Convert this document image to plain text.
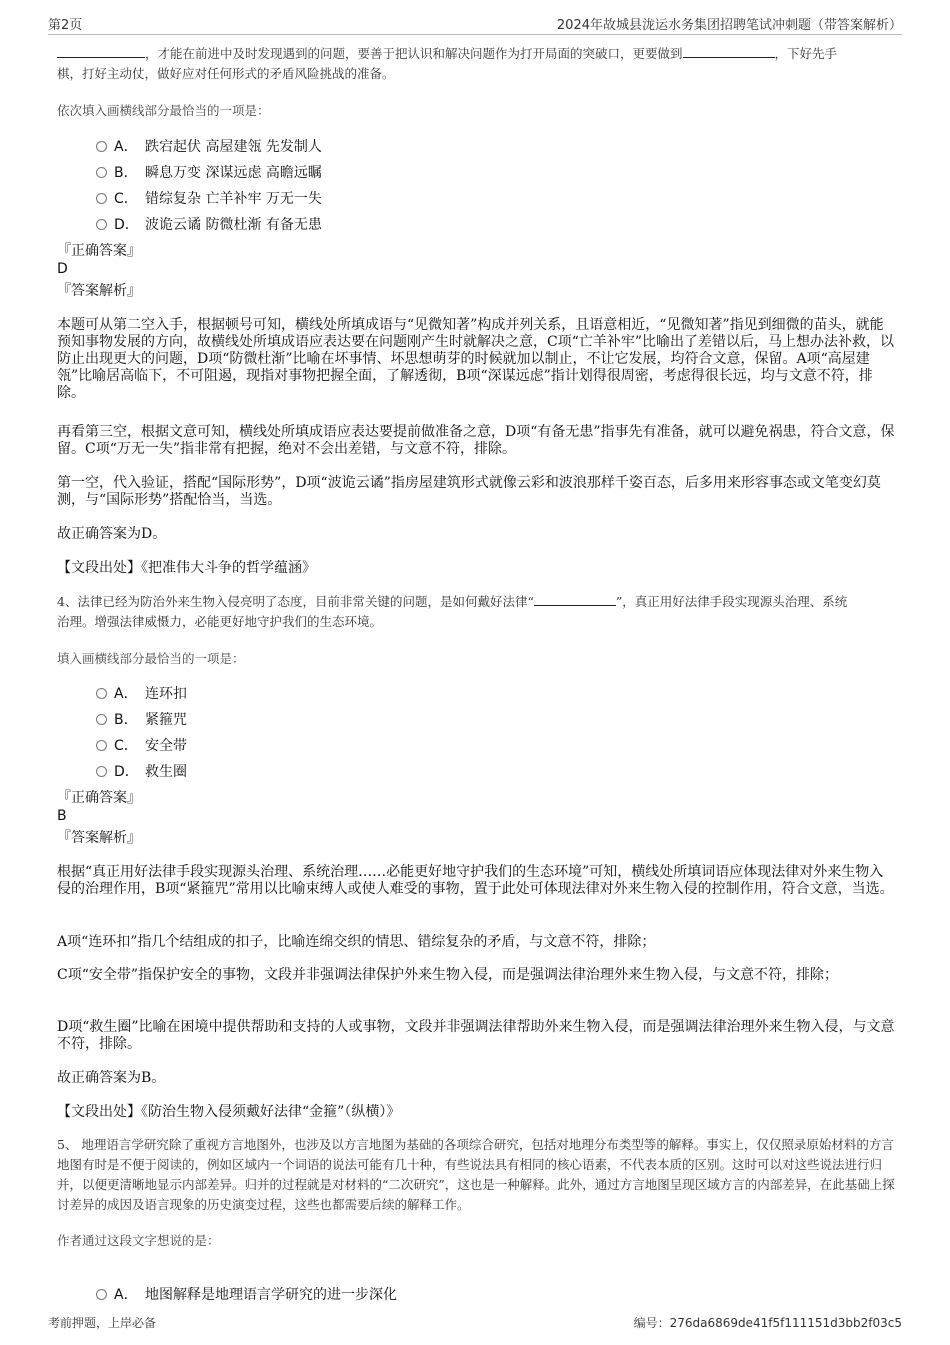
第2页	2024年故城县泷运水务集团招聘笔试冲刺题（带答案解析）
，才能在前进中及时发现遇到的问题，要善于把认识和解决问题作为打开局面的突破口，更要做到	，下好先手
棋，打好主动仗，做好应对任何形式的矛盾风险挑战的准备。
依次填入画横线部分最恰当的一项是：
A． 跌宕起伏 高屋建瓴 先发制人
B． 瞬息万变 深谋远虑 高瞻远瞩
C． 错综复杂 亡羊补牢 万无一失
D． 波诡云谲 防微杜渐 有备无患
『正确答案』
D
『答案解析』
本题可从第二空入手，根据顿号可知，横线处所填成语与“见微知著”构成并列关系，且语意相近，“见微知著”指见到细微的苗头，就能预知事物发展的方向，故横线处所填成语应表达要在问题刚产生时就解决之意，C项“亡羊补牢”比喻出了差错以后，马上想办法补救，以防止出现更大的问题，D项“防微杜渐”比喻在坏事情、坏思想萌芽的时候就加以制止，不让它发展，均符合文意，保留。A项“高屋建瓴”比喻居高临下，不可阻遏，现指对事物把握全面，了解透彻，B项“深谋远虑”指计划得很周密，考虑得很长远，均与文意不符，排除。
再看第三空，根据文意可知，横线处所填成语应表达要提前做准备之意，D项“有备无患”指事先有准备，就可以避免祸患，符合文意，保留。C项“万无一失”指非常有把握，绝对不会出差错，与文意不符，排除。
第一空，代入验证，搭配“国际形势”，D项“波诡云谲”指房屋建筑形式就像云彩和波浪那样千姿百态，后多用来形容事态或文笔变幻莫测，与“国际形势”搭配恰当，当选。
故正确答案为D。
【文段出处】《把准伟大斗争的哲学蕴涵》
4、法律已经为防治外来生物入侵亮明了态度，目前非常关键的问题，是如何戴好法律“	”，真正用好法律手段实现源头治理、系统
治理。增强法律威慑力，必能更好地守护我们的生态环境。
填入画横线部分最恰当的一项是：
A． 连环扣
B． 紧箍咒
C． 安全带
D． 救生圈
『正确答案』
B
『答案解析』
根据“真正用好法律手段实现源头治理、系统治理……必能更好地守护我们的生态环境”可知，横线处所填词语应体现法律对外来生物入侵的治理作用，B项“紧箍咒”常用以比喻束缚人或使人难受的事物，置于此处可体现法律对外来生物入侵的控制作用，符合文意，当选。
A项“连环扣”指几个结组成的扣子，比喻连绵交织的情思、错综复杂的矛盾，与文意不符，排除；
C项“安全带”指保护安全的事物，文段并非强调法律保护外来生物入侵，而是强调法律治理外来生物入侵，与文意不符，排除；
D项“救生圈”比喻在困境中提供帮助和支持的人或事物，文段并非强调法律帮助外来生物入侵，而是强调法律治理外来生物入侵，与文意不符，排除。
故正确答案为B。
【文段出处】《防治生物入侵须戴好法律“金箍”（纵横）》
5、 地理语言学研究除了重视方言地图外，也涉及以方言地图为基础的各项综合研究，包括对地理分布类型等的解释。事实上，仅仅照录原始材料的方言地图有时是不便于阅读的，例如区域内一个词语的说法可能有几十种，有些说法具有相同的核心语素，不代表本质的区别。这时可以对这些说法进行归并，以便更清晰地显示内部差异。归并的过程就是对材料的“二次研究”，这也是一种解释。此外，通过方言地图呈现区域方言的内部差异，在此基础上探讨差异的成因及语言现象的历史演变过程，这些也都需要后续的解释工作。
作者通过这段文字想说的是：
A． 地图解释是地理语言学研究的进一步深化
考前押题，上岸必备	编号：276da6869de41f5f111151d3bb2f03c5
